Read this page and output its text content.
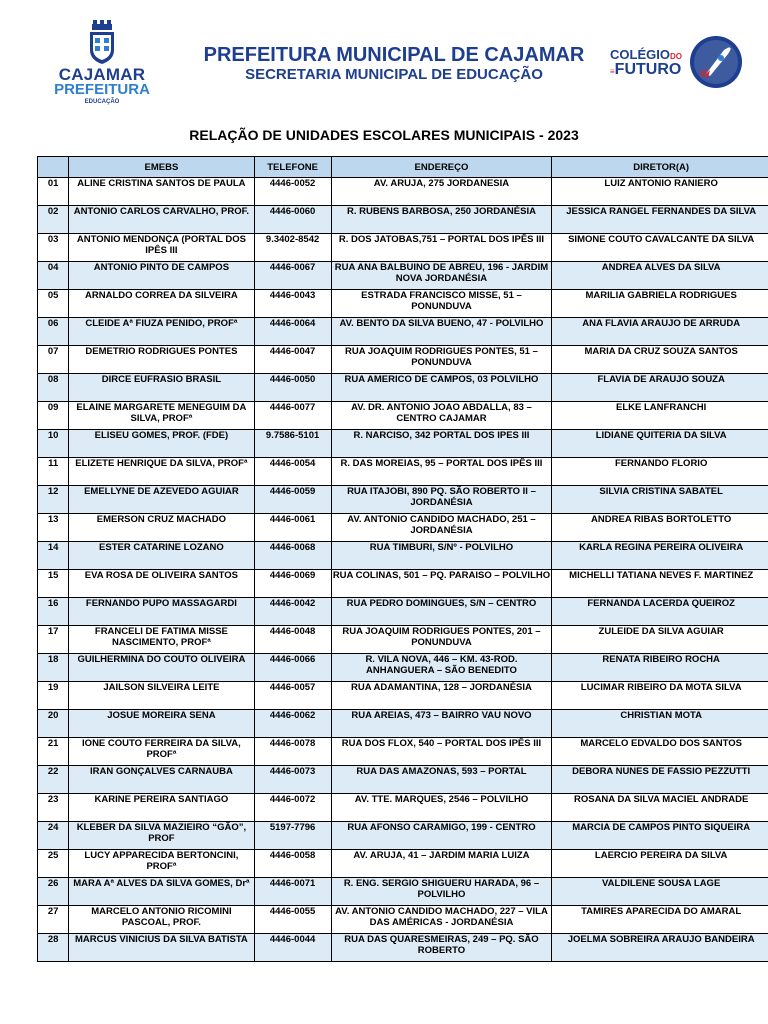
CAJAMAR
PREFEITURA
EDUCAÇÃO
PREFEITURA MUNICIPAL DE CAJAMAR
SECRETARIA MUNICIPAL DE EDUCAÇÃO
COLÉGIODO
≡FUTURO
RELAÇÃO DE UNIDADES ESCOLARES MUNICIPAIS - 2023
	EMEBS	TELEFONE	ENDEREÇO	DIRETOR(A)
01	ALINE CRISTINA SANTOS DE PAULA	4446-0052	AV. ARUJA, 275 JORDANESIA	LUIZ ANTONIO RANIERO
02	ANTONIO CARLOS CARVALHO, PROF.	4446-0060	R. RUBENS BARBOSA, 250 JORDANÉSIA	JESSICA RANGEL FERNANDES DA SILVA
03	ANTONIO MENDONÇA (PORTAL DOS IPÊS III	9.3402-8542	R. DOS JATOBAS,751 – PORTAL DOS IPÊS III	SIMONE COUTO CAVALCANTE DA SILVA
04	ANTONIO PINTO DE CAMPOS	4446-0067	RUA ANA BALBUINO DE ABREU, 196 - JARDIM NOVA JORDANÉSIA	ANDREA ALVES DA SILVA
05	ARNALDO CORREA DA SILVEIRA	4446-0043	ESTRADA FRANCISCO MISSE, 51 – PONUNDUVA	MARILIA GABRIELA RODRIGUES
06	CLEIDE Aª FIUZA PENIDO, PROFª	4446-0064	AV. BENTO DA SILVA BUENO, 47 - POLVILHO	ANA FLAVIA ARAUJO DE ARRUDA
07	DEMETRIO RODRIGUES PONTES	4446-0047	RUA JOAQUIM RODRIGUES PONTES, 51 – PONUNDUVA	MARIA DA CRUZ SOUZA SANTOS
08	DIRCE EUFRASIO BRASIL	4446-0050	RUA AMERICO DE CAMPOS, 03 POLVILHO	FLAVIA DE ARAUJO SOUZA
09	ELAINE MARGARETE MENEGUIM DA SILVA, PROFª	4446-0077	AV. DR. ANTONIO JOAO ABDALLA, 83 – CENTRO CAJAMAR	ELKE LANFRANCHI
10	ELISEU GOMES, PROF. (FDE)	9.7586-5101	R. NARCISO, 342 PORTAL DOS IPES III	LIDIANE QUITERIA DA SILVA
11	ELIZETE HENRIQUE DA SILVA, PROFª	4446-0054	R. DAS MOREIAS, 95 – PORTAL DOS IPÊS III	FERNANDO FLORIO
12	EMELLYNE DE AZEVEDO AGUIAR	4446-0059	RUA ITAJOBI, 890 PQ. SÃO ROBERTO II –JORDANÉSIA	SILVIA CRISTINA SABATEL
13	EMERSON CRUZ MACHADO	4446-0061	AV. ANTONIO CANDIDO MACHADO, 251 – JORDANÉSIA	ANDREA RIBAS BORTOLETTO
14	ESTER CATARINE LOZANO	4446-0068	RUA TIMBURI, S/Nº - POLVILHO	KARLA REGINA PEREIRA OLIVEIRA
15	EVA ROSA DE OLIVEIRA SANTOS	4446-0069	RUA COLINAS, 501 – PQ. PARAISO – POLVILHO	MICHELLI TATIANA NEVES F. MARTINEZ
16	FERNANDO PUPO MASSAGARDI	4446-0042	RUA PEDRO DOMINGUES, S/N – CENTRO	FERNANDA LACERDA QUEIROZ
17	FRANCELI DE FATIMA MISSE NASCIMENTO, PROFª	4446-0048	RUA JOAQUIM RODRIGUES PONTES, 201 – PONUNDUVA	ZULEIDE DA SILVA AGUIAR
18	GUILHERMINA DO COUTO OLIVEIRA	4446-0066	R. VILA NOVA, 446 – KM. 43-ROD. ANHANGUERA – SÃO BENEDITO	RENATA RIBEIRO ROCHA
19	JAILSON SILVEIRA LEITE	4446-0057	RUA ADAMANTINA, 128 – JORDANÉSIA	LUCIMAR RIBEIRO DA MOTA SILVA
20	JOSUE MOREIRA SENA	4446-0062	RUA AREIAS, 473 – BAIRRO VAU NOVO	CHRISTIAN MOTA
21	IONE COUTO FERREIRA DA SILVA, PROFª	4446-0078	RUA DOS FLOX, 540 – PORTAL DOS IPÊS III	MARCELO EDVALDO DOS SANTOS
22	IRAN GONÇALVES CARNAUBA	4446-0073	RUA DAS AMAZONAS, 593 – PORTAL	DEBORA NUNES DE FASSIO PEZZUTTI
23	KARINE PEREIRA SANTIAGO	4446-0072	AV. TTE. MARQUES, 2546 – POLVILHO	ROSANA DA SILVA MACIEL ANDRADE
24	KLEBER DA SILVA MAZIEIRO “GÃO”, PROF	5197-7796	RUA AFONSO CARAMIGO, 199 - CENTRO	MARCIA DE CAMPOS PINTO SIQUEIRA
25	LUCY APPARECIDA BERTONCINI, PROFª	4446-0058	AV. ARUJA, 41 – JARDIM MARIA LUIZA	LAERCIO PEREIRA DA SILVA
26	MARA Aª ALVES DA SILVA GOMES, Drª	4446-0071	R. ENG. SERGIO SHIGUERU HARADA, 96 – POLVILHO	VALDILENE SOUSA LAGE
27	MARCELO ANTONIO RICOMINI PASCOAL, PROF.	4446-0055	AV. ANTONIO CANDIDO MACHADO, 227 – VILA DAS AMÉRICAS - JORDANÉSIA	TAMIRES APARECIDA DO AMARAL
28	MARCUS VINICIUS DA SILVA BATISTA	4446-0044	RUA DAS QUARESMEIRAS, 249 – PQ. SÃO ROBERTO	JOELMA SOBREIRA ARAUJO BANDEIRA
